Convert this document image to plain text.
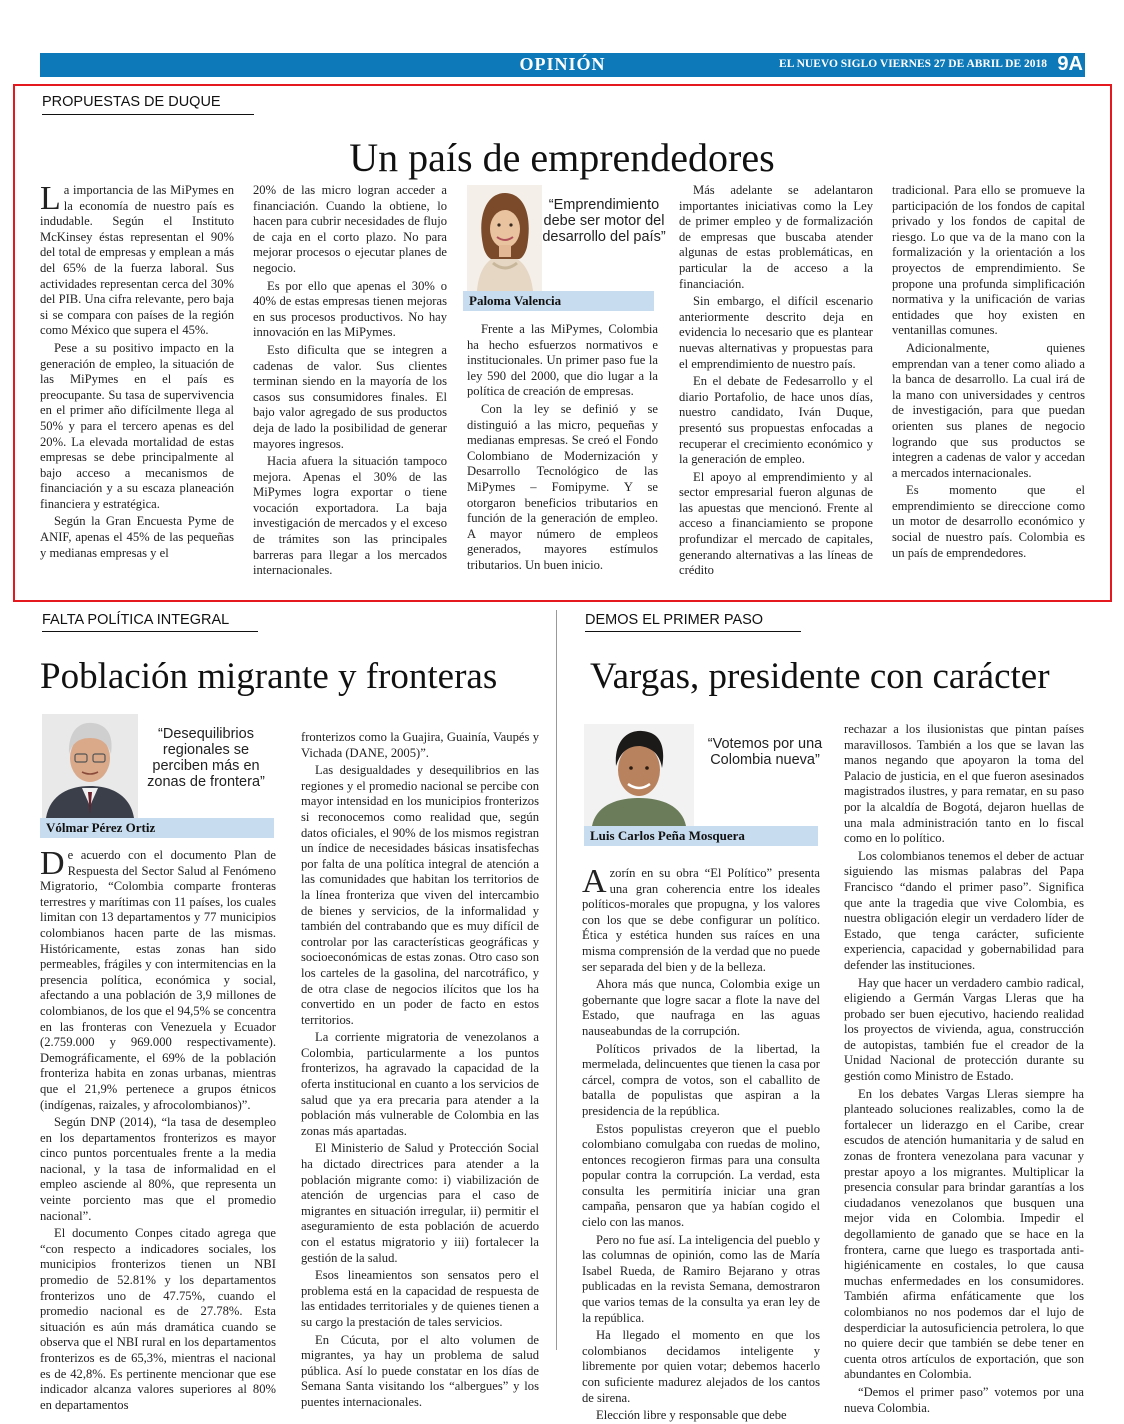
OPINIÓN	EL NUEVO SIGLO VIERNES 27 DE ABRIL DE 2018 9A
PROPUESTAS DE DUQUE
Un país de emprendedores

La importancia de las MiPymes en la economía de nuestro país es indudable. Según el Instituto McKinsey éstas representan el 90% del total de empresas y emplean a más del 65% de la fuerza laboral. Sus actividades representan cerca del 30% del PIB. Una cifra relevante, pero baja si se compara con países de la región como México que supera el 45%.

Pese a su positivo impacto en la generación de empleo, la situación de las MiPymes en el país es preocupante. Su tasa de supervivencia en el primer año difícilmente llega al 50% y para el tercero apenas es del 20%. La elevada mortalidad de estas empresas se debe principalmente al bajo acceso a mecanismos de financiación y a su escaza planeación financiera y estratégica.

Según la Gran Encuesta Pyme de ANIF, apenas el 45% de las pequeñas y medianas empresas y el

20% de las micro logran acceder a financiación. Cuando la obtiene, lo hacen para cubrir necesidades de flujo de caja en el corto plazo. No para mejorar procesos o ejecutar planes de negocio.

Es por ello que apenas el 30% o 40% de estas empresas tienen mejoras en sus procesos productivos. No hay innovación en las MiPymes.

Esto dificulta que se integren a cadenas de valor. Sus clientes terminan siendo en la mayoría de los casos sus consumidores finales. El bajo valor agregado de sus productos deja de lado la posibilidad de generar mayores ingresos.

Hacia afuera la situación tampoco mejora. Apenas el 30% de las MiPymes logra exportar o tiene vocación exportadora. La baja investigación de mercados y el exceso de trámites son las principales barreras para llegar a los mercados internacionales.

“Emprendimiento debe ser motor del desarrollo del país”
Paloma Valencia

Frente a las MiPymes, Colombia ha hecho esfuerzos normativos e institucionales. Un primer paso fue la ley 590 del 2000, que dio lugar a la política de creación de empresas.

Con la ley se definió y se distinguió a las micro, pequeñas y medianas empresas. Se creó el Fondo Colombiano de Modernización y Desarrollo Tecnológico de las MiPymes – Fomipyme. Y se otorgaron beneficios tributarios en función de la generación de empleo. A mayor número de empleos generados, mayores estímulos tributarios. Un buen inicio.

Más adelante se adelantaron importantes iniciativas como la Ley de primer empleo y de formalización de empresas que buscaba atender algunas de estas problemáticas, en particular la de acceso a la financiación.

Sin embargo, el difícil escenario anteriormente descrito deja en evidencia lo necesario que es plantear nuevas alternativas y propuestas para el emprendimiento de nuestro país.

En el debate de Fedesarrollo y el diario Portafolio, de hace unos días, nuestro candidato, Iván Duque, presentó sus propuestas enfocadas a recuperar el crecimiento económico y la generación de empleo.

El apoyo al emprendimiento y al sector empresarial fueron algunas de las apuestas que mencionó. Frente al acceso a financiamiento se propone profundizar el mercado de capitales, generando alternativas a las líneas de crédito

tradicional. Para ello se promueve la participación de los fondos de capital privado y los fondos de capital de riesgo. Lo que va de la mano con la formalización y la orientación a los proyectos de emprendimiento. Se propone una profunda simplificación normativa y la unificación de varias entidades que hoy existen en ventanillas comunes.

Adicionalmente, quienes emprendan van a tener como aliado a la banca de desarrollo. La cual irá de la mano con universidades y centros de investigación, para que puedan orienten sus planes de negocio logrando que sus productos se integren a cadenas de valor y accedan a mercados internacionales.

Es momento que el emprendimiento se direccione como un motor de desarrollo económico y social de nuestro país. Colombia es un país de emprendedores.

FALTA POLÍTICA INTEGRAL
Población migrante y fronteras
“Desequilibrios regionales se perciben más en zonas de frontera”
Vólmar Pérez Ortiz

De acuerdo con el documento Plan de Respuesta del Sector Salud al Fenómeno Migratorio, “Colombia comparte fronteras terrestres y marítimas con 11 países, los cuales limitan con 13 departamentos y 77 municipios colombianos hacen parte de las mismas. Históricamente, estas zonas han sido permeables, frágiles y con intermitencias en la presencia política, económica y social, afectando a una población de 3,9 millones de colombianos, de los que el 94,5% se concentra en las fronteras con Venezuela y Ecuador (2.759.000 y 969.000 respectivamente). Demográficamente, el 69% de la población fronteriza habita en zonas urbanas, mientras que el 21,9% pertenece a grupos étnicos (indígenas, raizales, y afrocolombianos)”.

Según DNP (2014), “la tasa de desempleo en los departamentos fronterizos es mayor cinco puntos porcentuales frente a la media nacional, y la tasa de informalidad en el empleo asciende al 80%, que representa un veinte porciento mas que el promedio nacional”.

El documento Conpes citado agrega que “con respecto a indicadores sociales, los municipios fronterizos tienen un NBI promedio de 52.81% y los departamentos fronterizos uno de 47.75%, cuando el promedio nacional es de 27.78%. Esta situación es aún más dramática cuando se observa que el NBI rural en los departamentos fronterizos es de 65,3%, mientras el nacional es de 42,8%. Es pertinente mencionar que ese indicador alcanza valores superiores al 80% en departamentos

fronterizos como la Guajira, Guainía, Vaupés y Vichada (DANE, 2005)”.

Las desigualdades y desequilibrios en las regiones y el promedio nacional se percibe con mayor intensidad en los municipios fronterizos si reconocemos como realidad que, según datos oficiales, el 90% de los mismos registran un índice de necesidades básicas insatisfechas por falta de una política integral de atención a las comunidades que habitan los territorios de la línea fronteriza que viven del intercambio de bienes y servicios, de la informalidad y también del contrabando que es muy difícil de controlar por las características geográficas y socioeconómicas de estas zonas. Otro caso son los carteles de la gasolina, del narcotráfico, y de otra clase de negocios ilícitos que los ha convertido en un poder de facto en estos territorios.

La corriente migratoria de venezolanos a Colombia, particularmente a los puntos fronterizos, ha agravado la capacidad de la oferta institucional en cuanto a los servicios de salud que ya era precaria para atender a la población más vulnerable de Colombia en las zonas más apartadas.

El Ministerio de Salud y Protección Social ha dictado directrices para atender a la población migrante como: i) viabilización de atención de urgencias para el caso de migrantes en situación irregular, ii) permitir el aseguramiento de esta población de acuerdo con el estatus migratorio y iii) fortalecer la gestión de la salud.

Esos lineamientos son sensatos pero el problema está en la capacidad de respuesta de las entidades territoriales y de quienes tienen a su cargo la prestación de tales servicios.

En Cúcuta, por el alto volumen de migrantes, ya hay un problema de salud pública. Así lo puede constatar en los días de Semana Santa visitando los “albergues” y los puentes internacionales.

DEMOS EL PRIMER PASO
Vargas, presidente con carácter
“Votemos por una Colombia nueva”
Luis Carlos Peña Mosquera

Azorín en su obra “El Político” presenta una gran coherencia entre los ideales políticos-morales que propugna, y los valores con los que se debe configurar un político. Ética y estética hunden sus raíces en una misma comprensión de la verdad que no puede ser separada del bien y de la belleza.

Ahora más que nunca, Colombia exige un gobernante que logre sacar a flote la nave del Estado, que naufraga en las aguas nauseabundas de la corrupción.

Políticos privados de la libertad, la mermelada, delincuentes que tienen la casa por cárcel, compra de votos, son el caballito de batalla de populistas que aspiran a la presidencia de la república.

Estos populistas creyeron que el pueblo colombiano comulgaba con ruedas de molino, entonces recogieron firmas para una consulta popular contra la corrupción. La verdad, esta consulta les permitiría iniciar una gran campaña, pensaron que ya habían cogido el cielo con las manos.

Pero no fue así. La inteligencia del pueblo y las columnas de opinión, como las de María Isabel Rueda, de Ramiro Bejarano y otras publicadas en la revista Semana, demostraron que varios temas de la consulta ya eran ley de la república.

Ha llegado el momento en que los colombianos decidamos inteligente y libremente por quien votar; debemos hacerlo con suficiente madurez alejados de los cantos de sirena.

Elección libre y responsable que debe

rechazar a los ilusionistas que pintan países maravillosos. También a los que se lavan las manos negando que apoyaron la toma del Palacio de justicia, en el que fueron asesinados magistrados ilustres, y para rematar, en su paso por la alcaldía de Bogotá, dejaron huellas de una mala administración tanto en lo fiscal como en lo político.

Los colombianos tenemos el deber de actuar siguiendo las mismas palabras del Papa Francisco “dando el primer paso”. Significa que ante la tragedia que vive Colombia, es nuestra obligación elegir un verdadero líder de Estado, que tenga carácter, suficiente experiencia, capacidad y gobernabilidad para defender las instituciones.

Hay que hacer un verdadero cambio radical, eligiendo a Germán Vargas Lleras que ha probado ser buen ejecutivo, haciendo realidad los proyectos de vivienda, agua, construcción de autopistas, también fue el creador de la Unidad Nacional de protección durante su gestión como Ministro de Estado.

En los debates Vargas Lleras siempre ha planteado soluciones realizables, como la de fortalecer un liderazgo en el Caribe, crear escudos de atención humanitaria y de salud en zonas de frontera venezolana para vacunar y prestar apoyo a los migrantes. Multiplicar la presencia consular para brindar garantías a los ciudadanos venezolanos que busquen una mejor vida en Colombia. Impedir el degollamiento de ganado que se hace en la frontera, carne que luego es trasportada anti-higiénicamente en costales, lo que causa muchas enfermedades en los consumidores. También afirma enfáticamente que los colombianos no nos podemos dar el lujo de desperdiciar la autosuficiencia petrolera, lo que no quiere decir que también se debe tener en cuenta otros artículos de exportación, que son abundantes en Colombia.

“Demos el primer paso” votemos por una nueva Colombia.
